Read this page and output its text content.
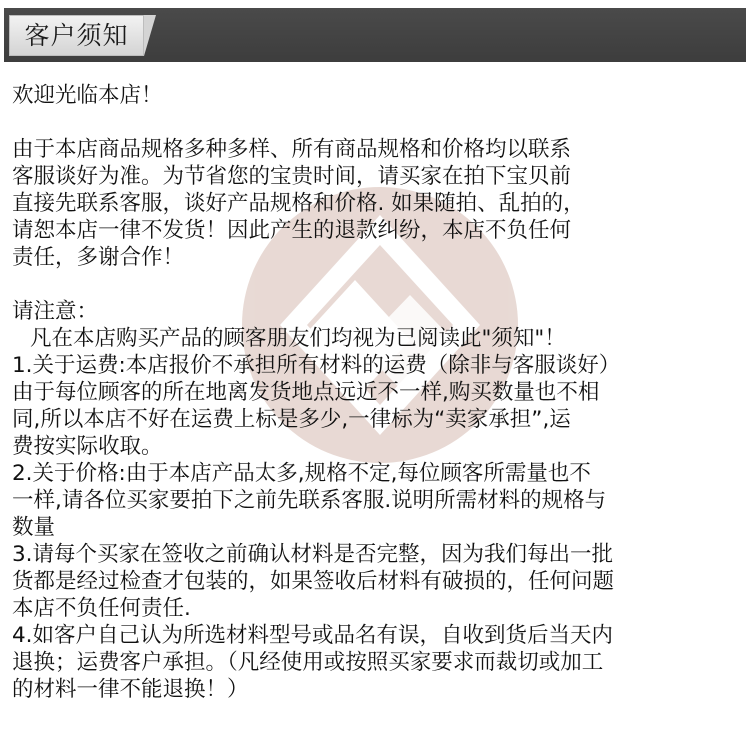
客户须知
欢迎光临本店！
由于本店商品规格多种多样、所有商品规格和价格均以联系
客服谈好为准。为节省您的宝贵时间，请买家在拍下宝贝前
直接先联系客服，谈好产品规格和价格. 如果随拍、乱拍的，
请恕本店一律不发货！因此产生的退款纠纷，本店不负任何
责任，多谢合作！
请注意：
凡在本店购买产品的顾客朋友们均视为已阅读此"须知"！
1.关于运费:本店报价不承担所有材料的运费（除非与客服谈好）
由于每位顾客的所在地离发货地点远近不一样,购买数量也不相
同,所以本店不好在运费上标是多少,一律标为“卖家承担”,运
费按实际收取。
2.关于价格:由于本店产品太多,规格不定,每位顾客所需量也不
一样,请各位买家要拍下之前先联系客服.说明所需材料的规格与
数量
3.请每个买家在签收之前确认材料是否完整，因为我们每出一批
货都是经过检查才包装的，如果签收后材料有破损的，任何问题
本店不负任何责任.
4.如客户自己认为所选材料型号或品名有误，自收到货后当天内
退换；运费客户承担。（凡经使用或按照买家要求而裁切或加工
的材料一律不能退换！）
